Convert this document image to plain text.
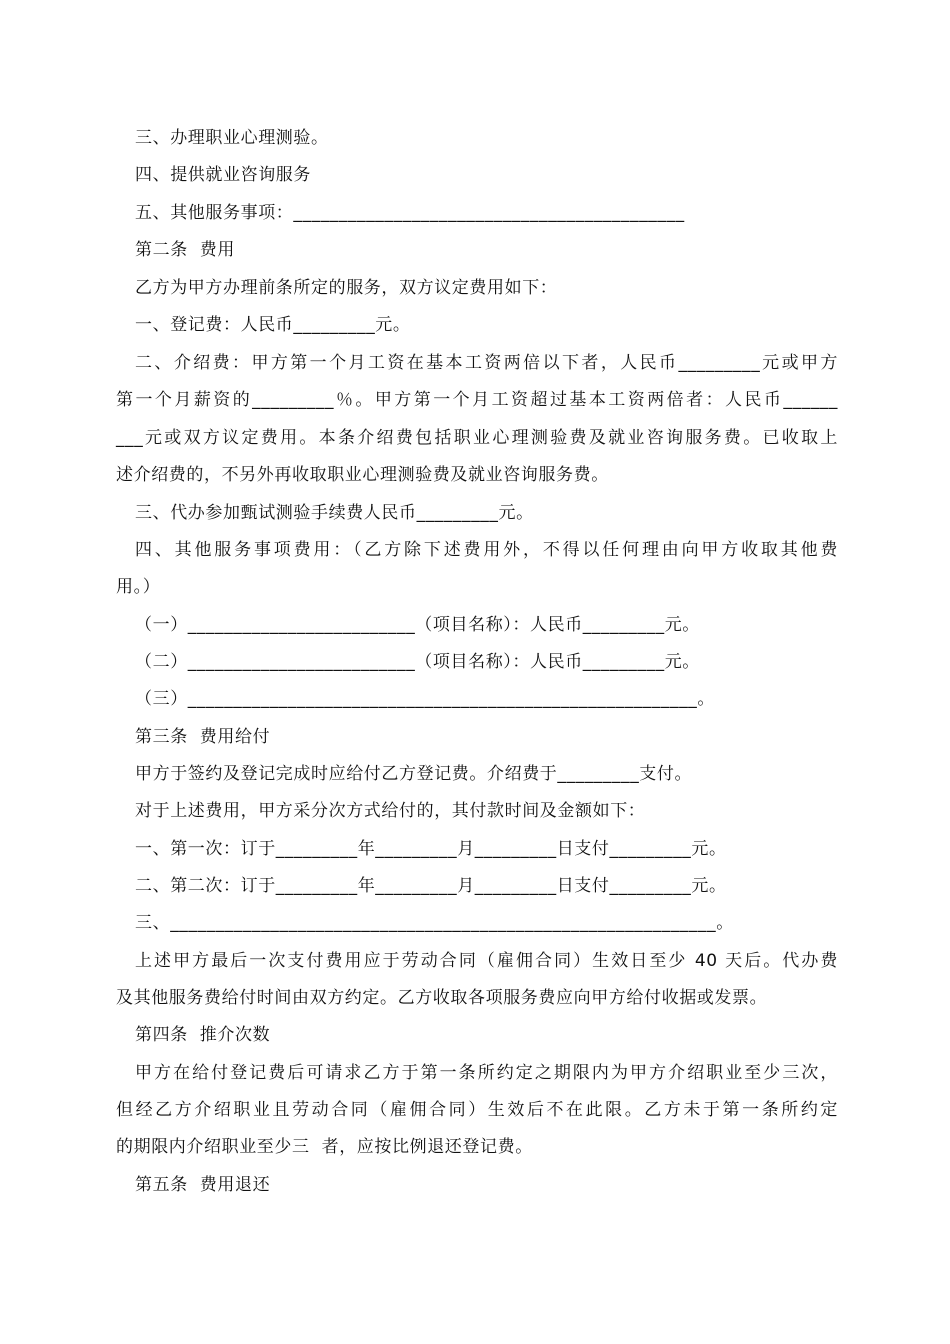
三、办理职业心理测验。
四、提供就业咨询服务
五、其他服务事项：___________________________________________
第二条  费用
乙方为甲方办理前条所定的服务，双方议定费用如下：
一、登记费：人民币_________元。
二、介绍费：甲方第一个月工资在基本工资两倍以下者，人民币_________元或甲方
第一个月薪资的_________％。甲方第一个月工资超过基本工资两倍者：人民币______
___元或双方议定费用。本条介绍费包括职业心理测验费及就业咨询服务费。已收取上
述介绍费的，不另外再收取职业心理测验费及就业咨询服务费。
三、代办参加甄试测验手续费人民币_________元。
四、其他服务事项费用：（乙方除下述费用外，不得以任何理由向甲方收取其他费
用。）
（一）_________________________（项目名称）：人民币_________元。
（二）_________________________（项目名称）：人民币_________元。
（三）________________________________________________________。
第三条  费用给付
甲方于签约及登记完成时应给付乙方登记费。介绍费于_________支付。
对于上述费用，甲方采分次方式给付的，其付款时间及金额如下：
一、第一次：订于_________年_________月_________日支付_________元。
二、第二次：订于_________年_________月_________日支付_________元。
三、____________________________________________________________。
上述甲方最后一次支付费用应于劳动合同（雇佣合同）生效日至少 40 天后。代办费
及其他服务费给付时间由双方约定。乙方收取各项服务费应向甲方给付收据或发票。
第四条  推介次数
甲方在给付登记费后可请求乙方于第一条所约定之期限内为甲方介绍职业至少三次，
但经乙方介绍职业且劳动合同（雇佣合同）生效后不在此限。乙方未于第一条所约定
的期限内介绍职业至少三  者，应按比例退还登记费。
第五条  费用退还
